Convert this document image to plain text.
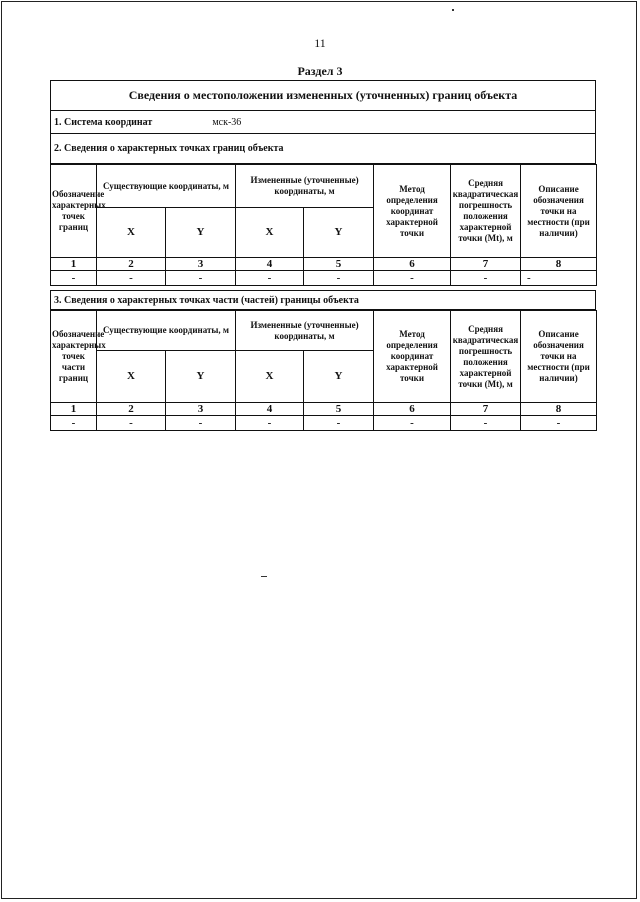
11
Раздел 3
Сведения о местоположении измененных (уточненных) границ объекта
1. Система координат	мск-36
2. Сведения о характерных точках границ объекта
Обозначение характерных точек границ	Существующие координаты, м		Измененные (уточненные) координаты, м		Метод определения координат характерной точки	Средняя квадратическая погрешность положения характерной точки (Mt), м	Описание обозначения точки на местности (при наличии)
	X	Y	X	Y			
1	2	3	4	5	6	7	8
-	-	-	-	-	-	-	-
3. Сведения о характерных точках части (частей) границы объекта
Обозначение характерных точек части границ	Существующие координаты, м		Измененные (уточненные) координаты, м		Метод определения координат характерной точки	Средняя квадратическая погрешность положения характерной точки (Mt), м	Описание обозначения точки на местности (при наличии)
	X	Y	X	Y			
1	2	3	4	5	6	7	8
-	-	-	-	-	-	-	-
